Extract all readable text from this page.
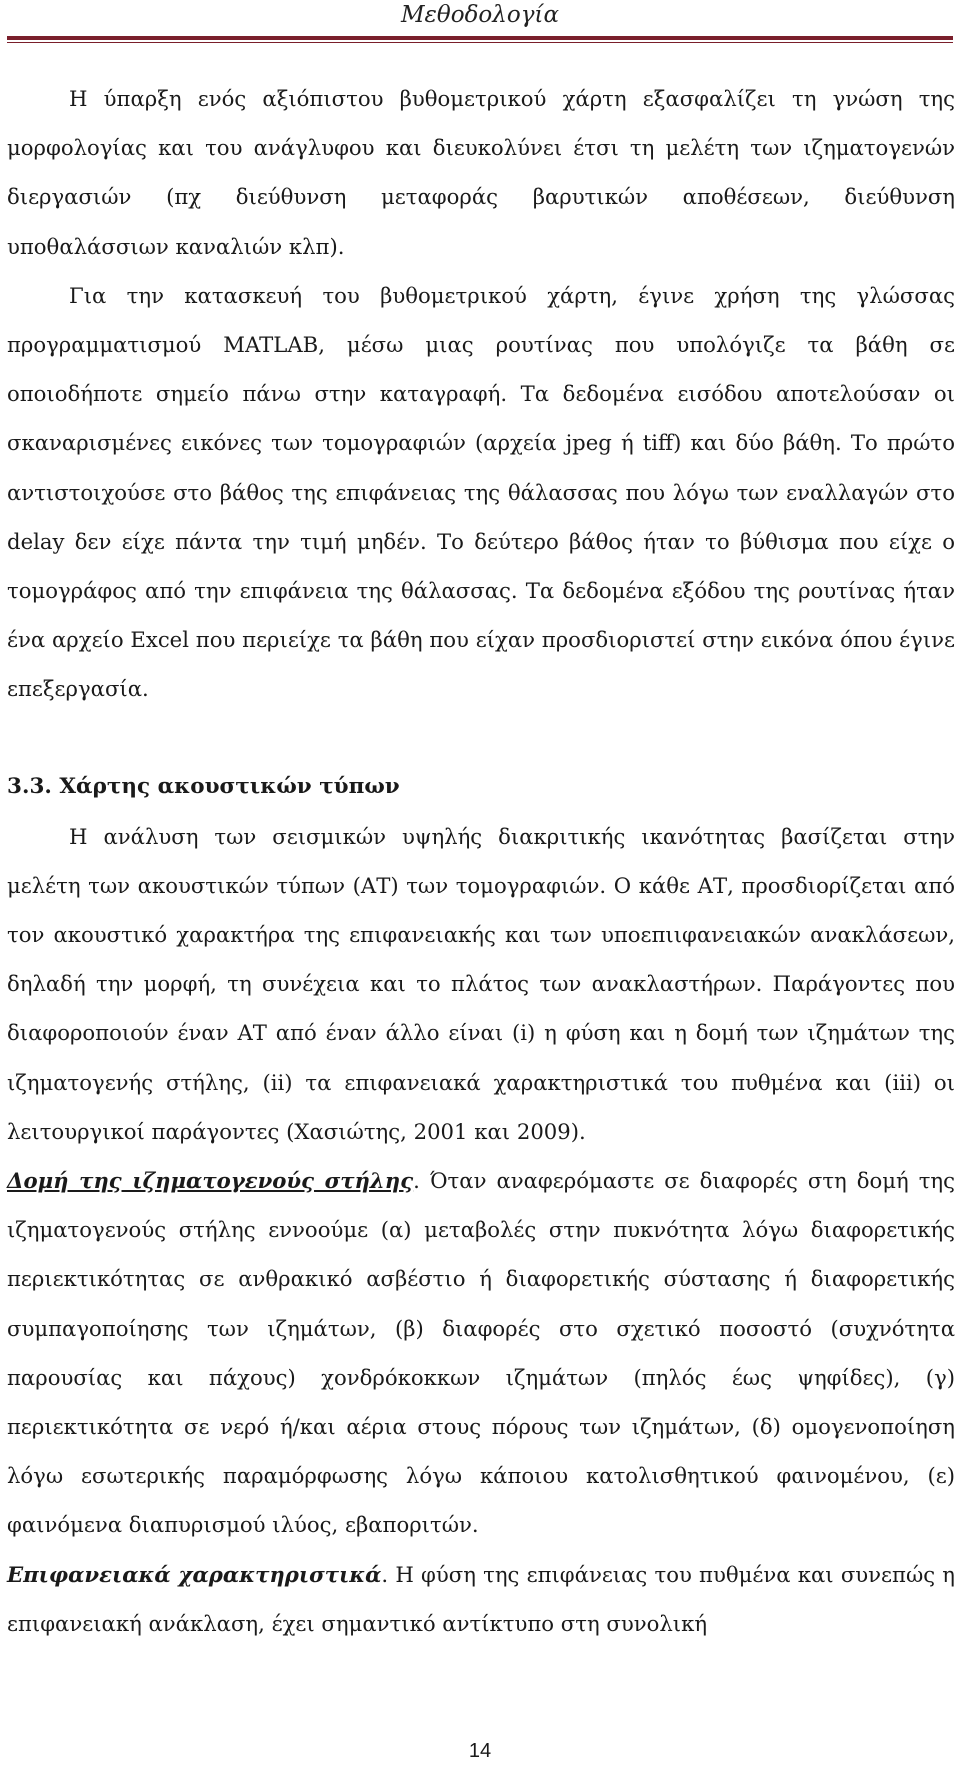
Μεθοδολογία

Η ύπαρξη ενός αξιόπιστου βυθομετρικού χάρτη εξασφαλίζει τη γνώση της μορφολογίας και του ανάγλυφου και διευκολύνει έτσι τη μελέτη των ιζηματογενών διεργασιών (πχ διεύθυνση μεταφοράς βαρυτικών αποθέσεων, διεύθυνση υποθαλάσσιων καναλιών κλπ).

Για την κατασκευή του βυθομετρικού χάρτη, έγινε χρήση της γλώσσας προγραμματισμού MATLAB, μέσω μιας ρουτίνας που υπολόγιζε τα βάθη σε οποιοδήποτε σημείο πάνω στην καταγραφή. Τα δεδομένα εισόδου αποτελούσαν οι σκαναρισμένες εικόνες των τομογραφιών (αρχεία jpeg ή tiff) και δύο βάθη. Το πρώτο αντιστοιχούσε στο βάθος της επιφάνειας της θάλασσας που λόγω των εναλλαγών στο delay δεν είχε πάντα την τιμή μηδέν. Το δεύτερο βάθος ήταν το βύθισμα που είχε ο τομογράφος από την επιφάνεια της θάλασσας. Τα δεδομένα εξόδου της ρουτίνας ήταν ένα αρχείο Excel που περιείχε τα βάθη που είχαν προσδιοριστεί στην εικόνα όπου έγινε επεξεργασία.

3.3. Χάρτης ακουστικών τύπων

Η ανάλυση των σεισμικών υψηλής διακριτικής ικανότητας βασίζεται στην μελέτη των ακουστικών τύπων (ΑΤ) των τομογραφιών. Ο κάθε ΑΤ, προσδιορίζεται από τον ακουστικό χαρακτήρα της επιφανειακής και των υποεπιιφανειακών ανακλάσεων, δηλαδή την μορφή, τη συνέχεια και το πλάτος των ανακλαστήρων. Παράγοντες που διαφοροποιούν έναν ΑΤ από έναν άλλο είναι (i) η φύση και η δομή των ιζημάτων της ιζηματογενής στήλης, (ii) τα επιφανειακά χαρακτηριστικά του πυθμένα και (iii) οι λειτουργικοί παράγοντες (Χασιώτης, 2001 και 2009).

Δομή της ιζηματογενούς στήλης. Όταν αναφερόμαστε σε διαφορές στη δομή της ιζηματογενούς στήλης εννοούμε (α) μεταβολές στην πυκνότητα λόγω διαφορετικής περιεκτικότητας σε ανθρακικό ασβέστιο ή διαφορετικής σύστασης ή διαφορετικής συμπαγοποίησης των ιζημάτων, (β) διαφορές στο σχετικό ποσοστό (συχνότητα παρουσίας και πάχους) χονδρόκοκκων ιζημάτων (πηλός έως ψηφίδες), (γ) περιεκτικότητα σε νερό ή/και αέρια στους πόρους των ιζημάτων, (δ) ομογενοποίηση λόγω εσωτερικής παραμόρφωσης λόγω κάποιου κατολισθητικού φαινομένου, (ε) φαινόμενα διαπυρισμού ιλύος, εβαπoριτών.

Επιφανειακά χαρακτηριστικά. Η φύση της επιφάνειας του πυθμένα και συνεπώς η επιφανειακή ανάκλαση, έχει σημαντικό αντίκτυπο στη συνολική

14
